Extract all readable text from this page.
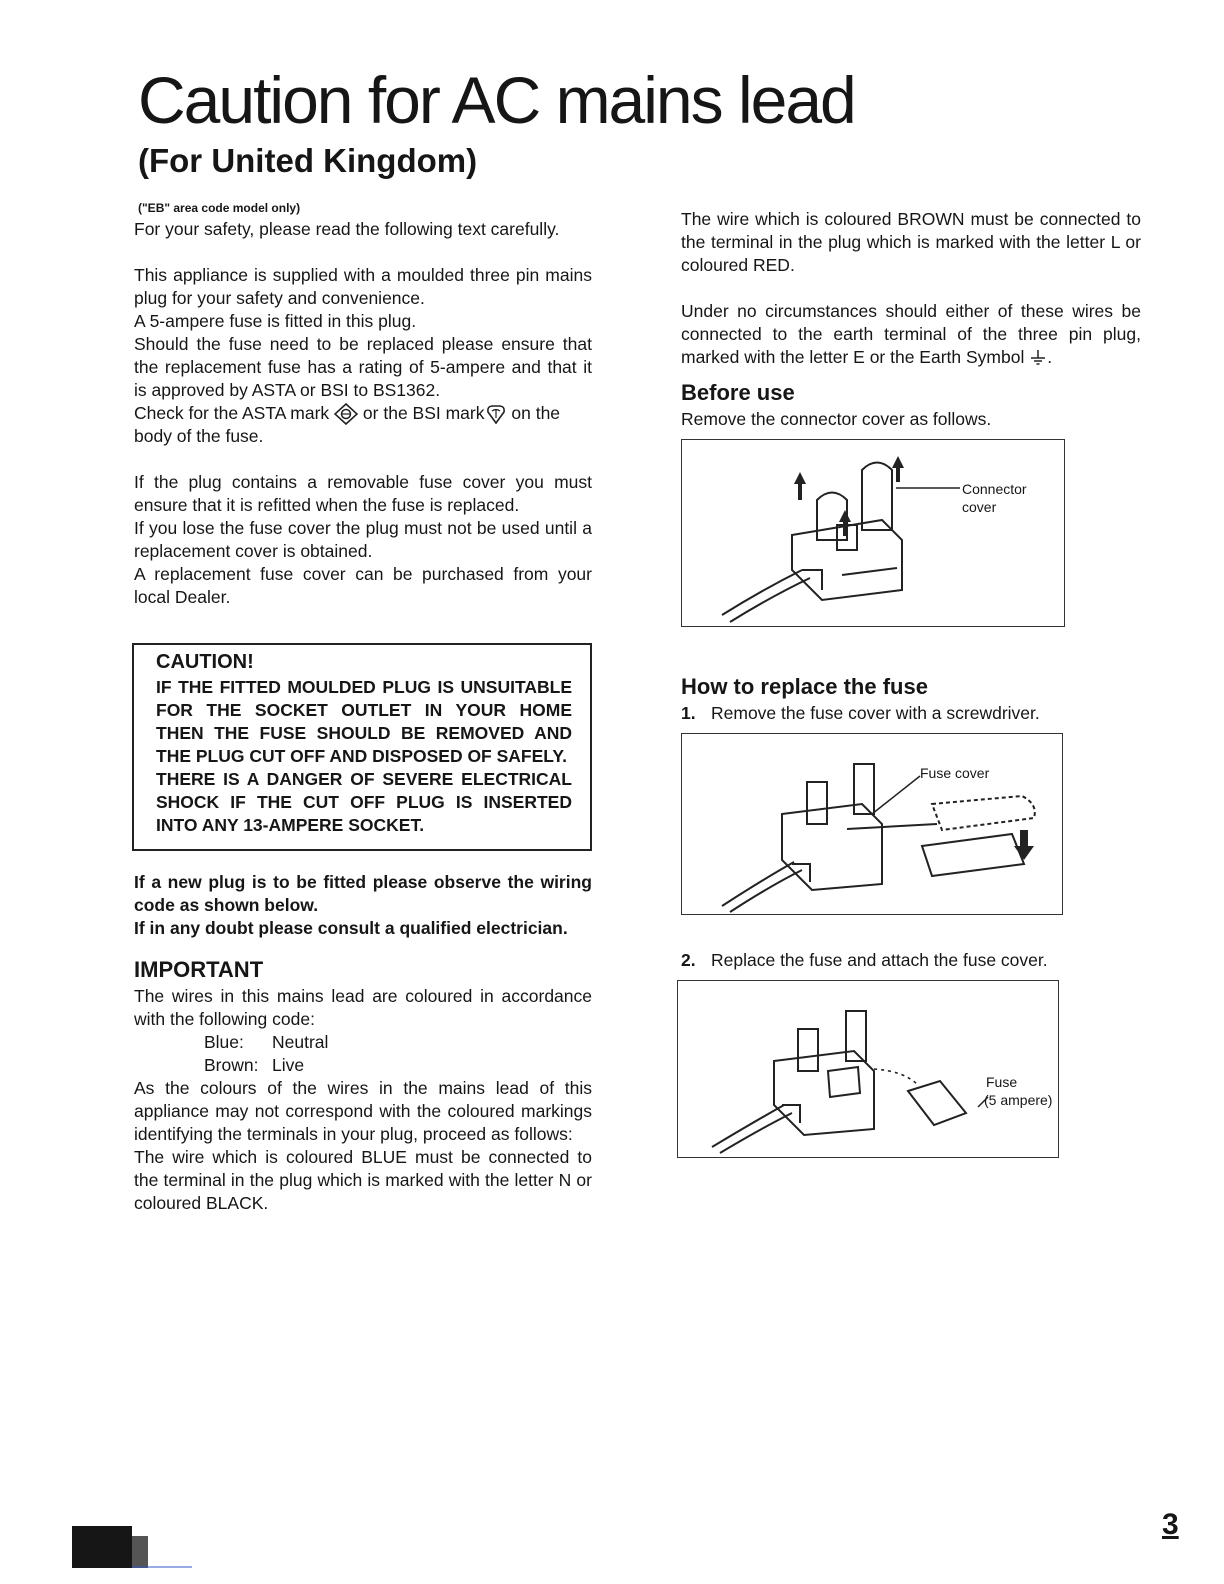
Caution for AC mains lead
(For United Kingdom)

("EB" area code model only)

For your safety, please read the following text carefully.

This appliance is supplied with a moulded three pin mains plug for your safety and convenience.

A 5-ampere fuse is fitted in this plug.

Should the fuse need to be replaced please ensure that the replacement fuse has a rating of 5-ampere and that it is approved by ASTA or BSI to BS1362.

Check for the ASTA mark or the BSI mark on the body of the fuse.

If the plug contains a removable fuse cover you must ensure that it is refitted when the fuse is replaced.

If you lose the fuse cover the plug must not be used until a replacement cover is obtained.

A replacement fuse cover can be purchased from your local Dealer.

CAUTION!

IF THE FITTED MOULDED PLUG IS UNSUITABLE FOR THE SOCKET OUTLET IN YOUR HOME THEN THE FUSE SHOULD BE REMOVED AND THE PLUG CUT OFF AND DISPOSED OF SAFELY.

THERE IS A DANGER OF SEVERE ELECTRICAL SHOCK IF THE CUT OFF PLUG IS INSERTED INTO ANY 13-AMPERE SOCKET.

If a new plug is to be fitted please observe the wiring code as shown below.

If in any doubt please consult a qualified electrician.

IMPORTANT

The wires in this mains lead are coloured in accordance with the following code:

Blue: Neutral

Brown: Live

As the colours of the wires in the mains lead of this appliance may not correspond with the coloured markings identifying the terminals in your plug, proceed as follows:

The wire which is coloured BLUE must be connected to the terminal in the plug which is marked with the letter N or coloured BLACK.

The wire which is coloured BROWN must be connected to the terminal in the plug which is marked with the letter L or coloured RED.

Under no circumstances should either of these wires be connected to the earth terminal of the three pin plug, marked with the letter E or the Earth Symbol .

Before use

Remove the connector cover as follows.

Connector cover

How to replace the fuse

1. Remove the fuse cover with a screwdriver.

Fuse cover

2. Replace the fuse and attach the fuse cover.

Fuse
(5 ampere)
3
